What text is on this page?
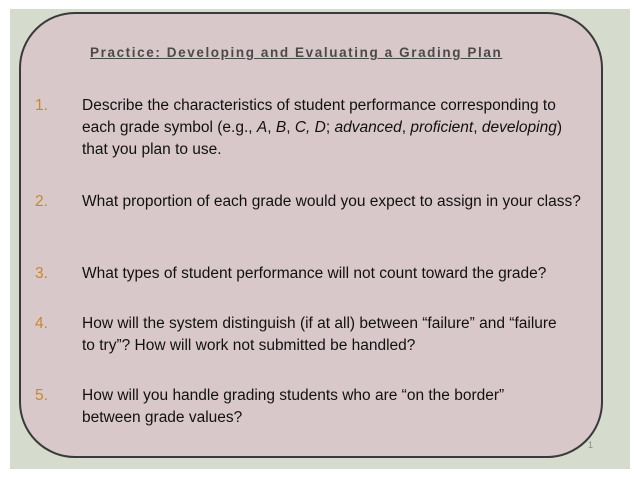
Practice: Developing and Evaluating a Grading Plan
1. Describe the characteristics of student performance corresponding to each grade symbol (e.g., A, B, C, D; advanced, proficient, developing) that you plan to use.
2. What proportion of each grade would you expect to assign in your class?
3. What types of student performance will not count toward the grade?
4. How will the system distinguish (if at all) between “failure” and “failure to try”? How will work not submitted be handled?
5. How will you handle grading students who are “on the border” between grade values?
1
